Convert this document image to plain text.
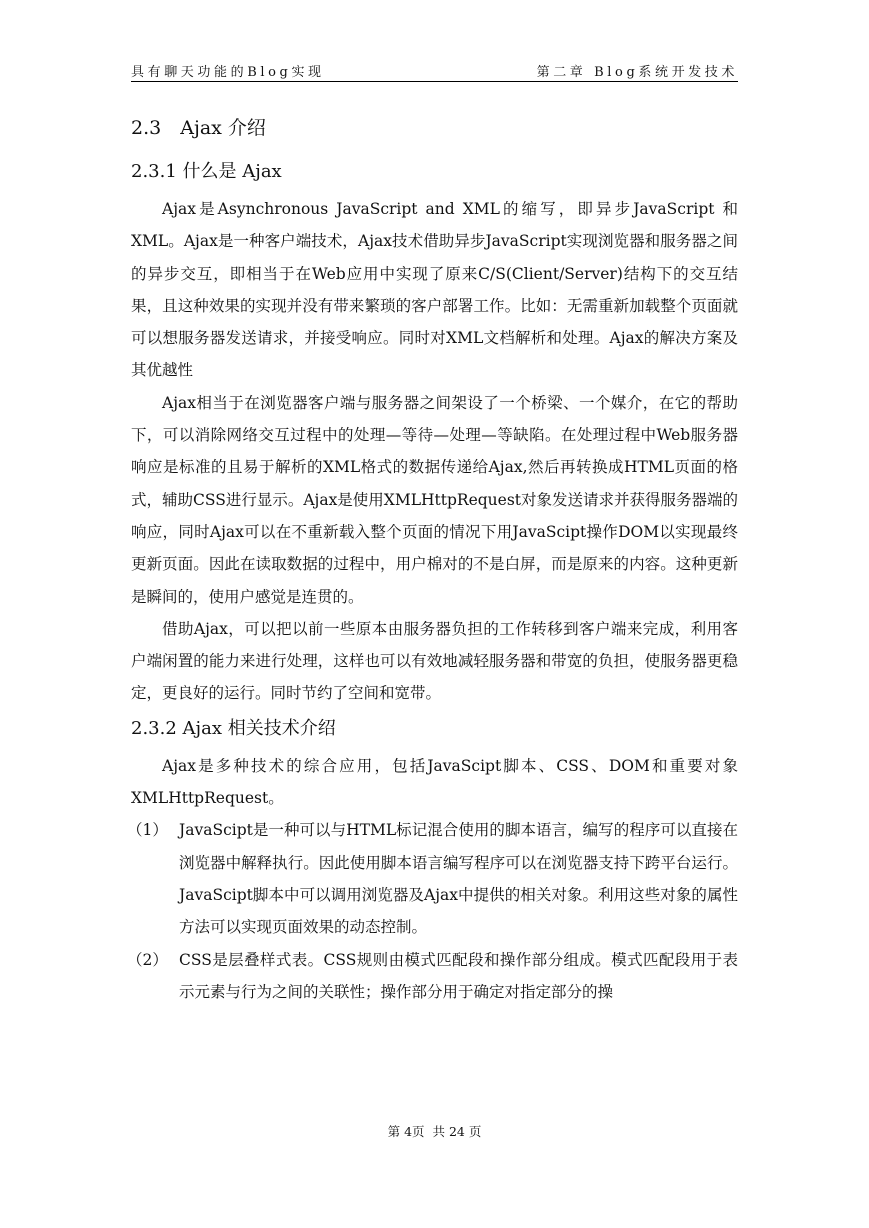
具有聊天功能的Blog实现	第二章 Blog系统开发技术
2.3　Ajax 介绍
2.3.1 什么是 Ajax

Ajax是Asynchronous JavaScript and XML的缩写，即异步JavaScript 和XML。Ajax是一种客户端技术，Ajax技术借助异步JavaScript实现浏览器和服务器之间的异步交互，即相当于在Web应用中实现了原来C/S(Client/Server)结构下的交互结果，且这种效果的实现并没有带来繁琐的客户部署工作。比如：无需重新加载整个页面就可以想服务器发送请求，并接受响应。同时对XML文档解析和处理。Ajax的解决方案及其优越性

Ajax相当于在浏览器客户端与服务器之间架设了一个桥梁、一个媒介，在它的帮助下，可以消除网络交互过程中的处理—等待—处理—等缺陷。在处理过程中Web服务器响应是标准的且易于解析的XML格式的数据传递给Ajax,然后再转换成HTML页面的格式，辅助CSS进行显示。Ajax是使用XMLHttpRequest对象发送请求并获得服务器端的响应，同时Ajax可以在不重新载入整个页面的情况下用JavaScipt操作DOM以实现最终更新页面。因此在读取数据的过程中，用户棉对的不是白屏，而是原来的内容。这种更新是瞬间的，使用户感觉是连贯的。

借助Ajax，可以把以前一些原本由服务器负担的工作转移到客户端来完成，利用客户端闲置的能力来进行处理，这样也可以有效地减轻服务器和带宽的负担，使服务器更稳定，更良好的运行。同时节约了空间和宽带。

2.3.2 Ajax 相关技术介绍

Ajax是多种技术的综合应用，包括JavaScipt脚本、CSS、DOM和重要对象XMLHttpRequest。

（1） JavaScipt是一种可以与HTML标记混合使用的脚本语言，编写的程序可以直接在浏览器中解释执行。因此使用脚本语言编写程序可以在浏览器支持下跨平台运行。JavaScipt脚本中可以调用浏览器及Ajax中提供的相关对象。利用这些对象的属性方法可以实现页面效果的动态控制。
（2） CSS是层叠样式表。CSS规则由模式匹配段和操作部分组成。模式匹配段用于表示元素与行为之间的关联性；操作部分用于确定对指定部分的操
第 4页  共 24 页
